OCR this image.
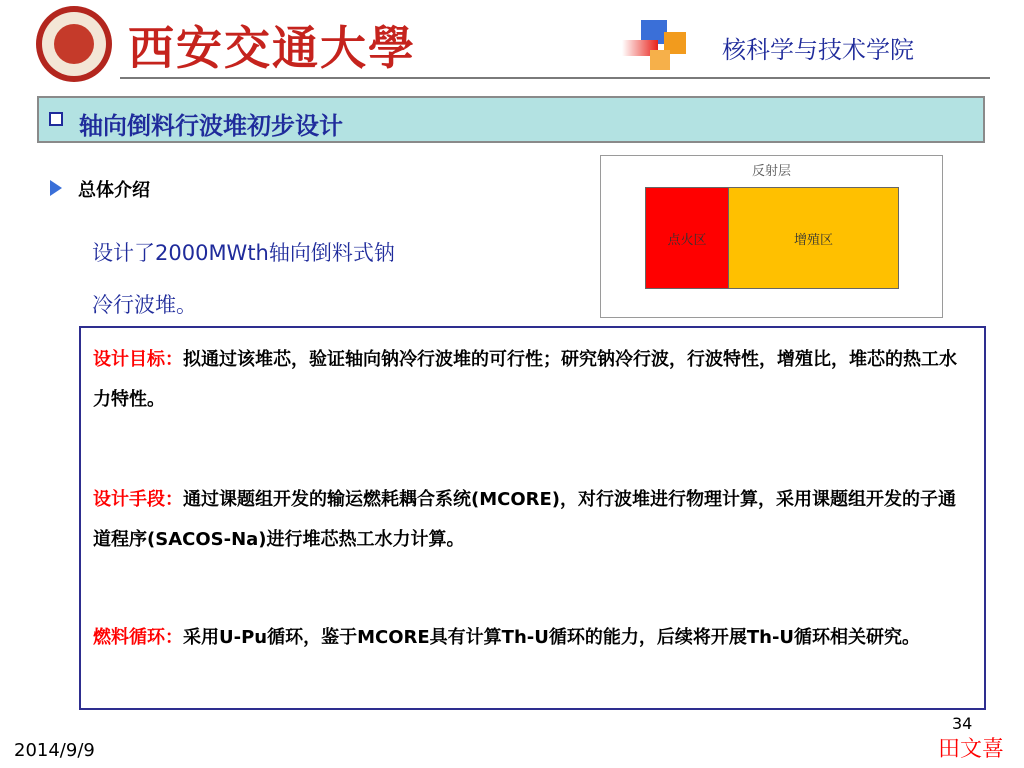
西安交通大學	核科学与技术学院
轴向倒料行波堆初步设计
总体介绍
设计了2000MWth轴向倒料式钠
冷行波堆。
反射层
点火区	增殖区

设计目标：拟通过该堆芯，验证轴向钠冷行波堆的可行性；研究钠冷行波，行波特性，增殖比，堆芯的热工水力特性。

设计手段：通过课题组开发的输运燃耗耦合系统(MCORE)，对行波堆进行物理计算，采用课题组开发的子通道程序(SACOS-Na)进行堆芯热工水力计算。

燃料循环：采用U-Pu循环，鉴于MCORE具有计算Th-U循环的能力，后续将开展Th-U循环相关研究。

34
2014/9/9	田文喜
